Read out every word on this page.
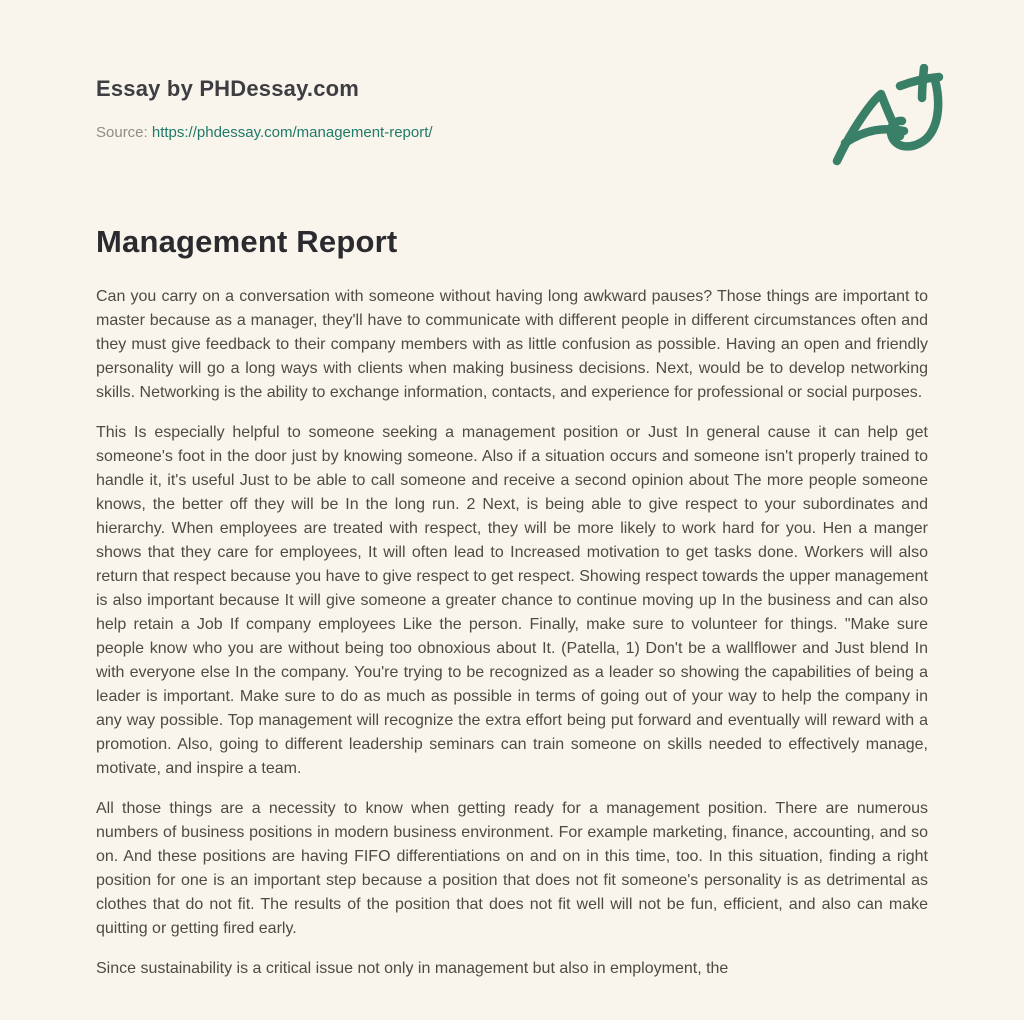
Essay by PHDessay.com
Source: https://phdessay.com/management-report/
Management Report

Can you carry on a conversation with someone without having long awkward pauses? Those things are important to master because as a manager, they'll have to communicate with different people in different circumstances often and they must give feedback to their company members with as little confusion as possible. Having an open and friendly personality will go a long ways with clients when making business decisions. Next, would be to develop networking skills. Networking is the ability to exchange information, contacts, and experience for professional or social purposes.

This Is especially helpful to someone seeking a management position or Just In general cause it can help get someone's foot in the door just by knowing someone. Also if a situation occurs and someone isn't properly trained to handle it, it's useful Just to be able to call someone and receive a second opinion about The more people someone knows, the better off they will be In the long run. 2 Next, is being able to give respect to your subordinates and hierarchy. When employees are treated with respect, they will be more likely to work hard for you. Hen a manger shows that they care for employees, It will often lead to Increased motivation to get tasks done. Workers will also return that respect because you have to give respect to get respect. Showing respect towards the upper management is also important because It will give someone a greater chance to continue moving up In the business and can also help retain a Job If company employees Like the person. Finally, make sure to volunteer for things. "Make sure people know who you are without being too obnoxious about It. (Patella, 1) Don't be a wallflower and Just blend In with everyone else In the company. You're trying to be recognized as a leader so showing the capabilities of being a leader is important. Make sure to do as much as possible in terms of going out of your way to help the company in any way possible. Top management will recognize the extra effort being put forward and eventually will reward with a promotion. Also, going to different leadership seminars can train someone on skills needed to effectively manage, motivate, and inspire a team.

All those things are a necessity to know when getting ready for a management position. There are numerous numbers of business positions in modern business environment. For example marketing, finance, accounting, and so on. And these positions are having FIFO differentiations on and on in this time, too. In this situation, finding a right position for one is an important step because a position that does not fit someone's personality is as detrimental as clothes that do not fit. The results of the position that does not fit well will not be fun, efficient, and also can make quitting or getting fired early.

Since sustainability is a critical issue not only in management but also in employment, the
